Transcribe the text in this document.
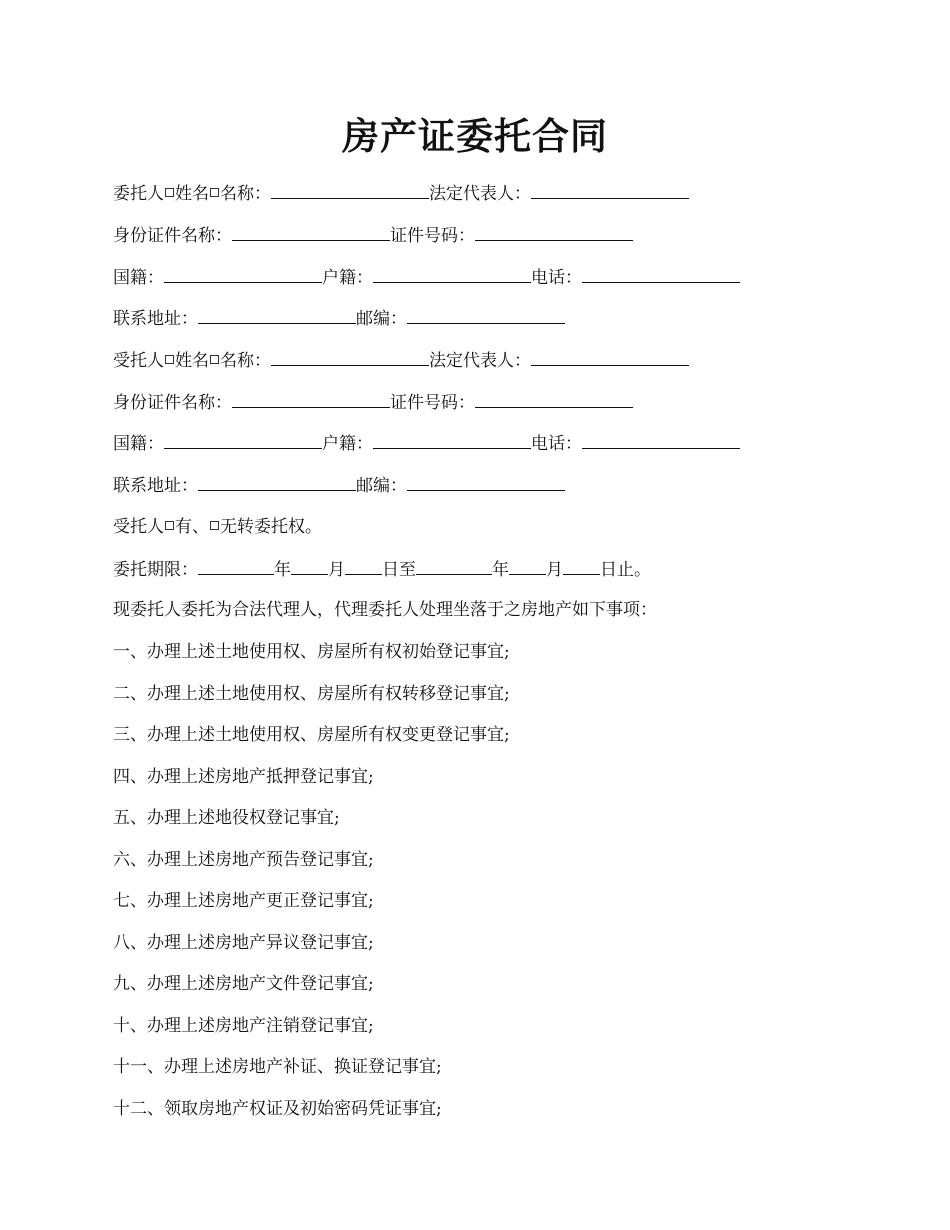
房产证委托合同
委托人 姓名 名称：	法定代表人：
身份证件名称：	证件号码：
国籍：	户籍：	电话：
联系地址：	邮编：
受托人 姓名 名称：	法定代表人：
身份证件名称：	证件号码：
国籍：	户籍：	电话：
联系地址：	邮编：
受托人 有、 无转委托权。
委托期限：	年 月 日至	年 月 日止。
现委托人委托为合法代理人，代理委托人处理坐落于之房地产如下事项：
一、办理上述土地使用权、房屋所有权初始登记事宜;
二、办理上述土地使用权、房屋所有权转移登记事宜;
三、办理上述土地使用权、房屋所有权变更登记事宜;
四、办理上述房地产抵押登记事宜;
五、办理上述地役权登记事宜;
六、办理上述房地产预告登记事宜;
七、办理上述房地产更正登记事宜;
八、办理上述房地产异议登记事宜;
九、办理上述房地产文件登记事宜;
十、办理上述房地产注销登记事宜;
十一、办理上述房地产补证、换证登记事宜;
十二、领取房地产权证及初始密码凭证事宜;
